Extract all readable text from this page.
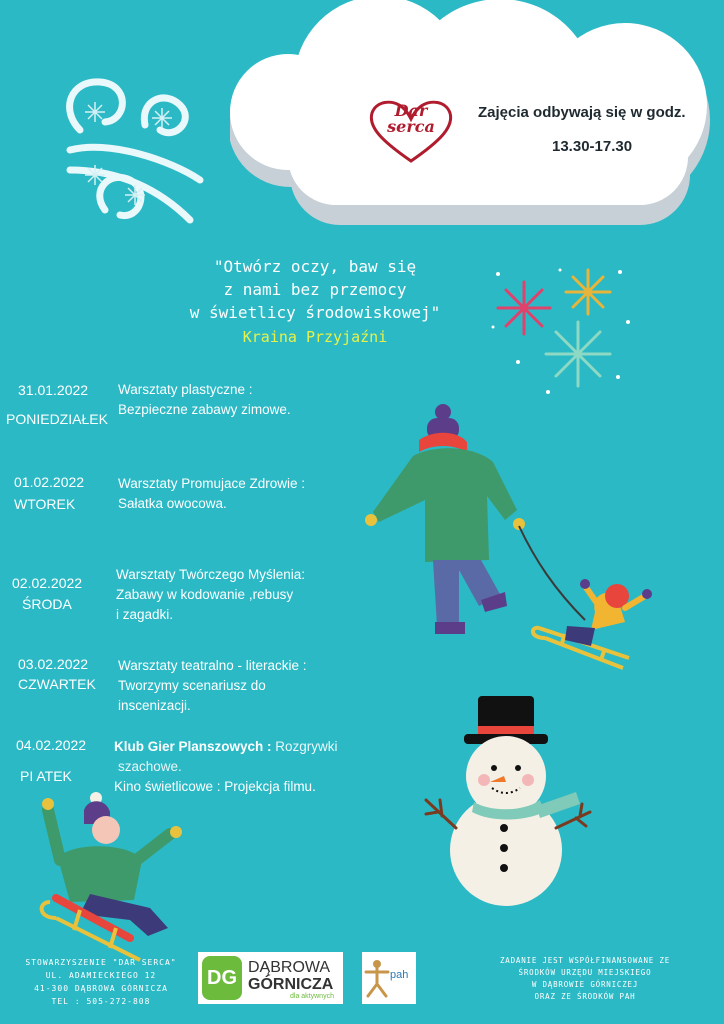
Dar serca
Zajęcia odbywają się w godz.
13.30-17.30
"Otwórz oczy, baw się
z nami bez przemocy
w świetlicy środowiskowej"
Kraina Przyjaźni
31.01.2022
PONIEDZIAŁEK
Warsztaty plastyczne :
Bezpieczne zabawy zimowe.
01.02.2022
WTOREK
Warsztaty Promujace Zdrowie :
Sałatka owocowa.
02.02.2022
ŚRODA
Warsztaty Twórczego Myślenia:
Zabawy w kodowanie ,rebusy
i zagadki.
03.02.2022
CZWARTEK
Warsztaty teatralno - literackie :
Tworzymy scenariusz do
inscenizacji.
04.02.2022
PI ATEK
Klub Gier Planszowych : Rozgrywki
szachowe.
Kino świetlicowe : Projekcja filmu.
STOWARZYSZENIE "DAR SERCA"
UL. ADAMIECKIEGO 12
41-300 DĄBROWA GÓRNICZA
TEL : 505-272-808
DG DĄBROWA
GÓRNICZA
dla aktywnych
pah
ZADANIE JEST WSPÓŁFINANSOWANE ZE
ŚRODKÓW URZĘDU MIEJSKIEGO
W DĄBROWIE GÓRNICZEJ
ORAZ ZE ŚRODKÓW PAH
